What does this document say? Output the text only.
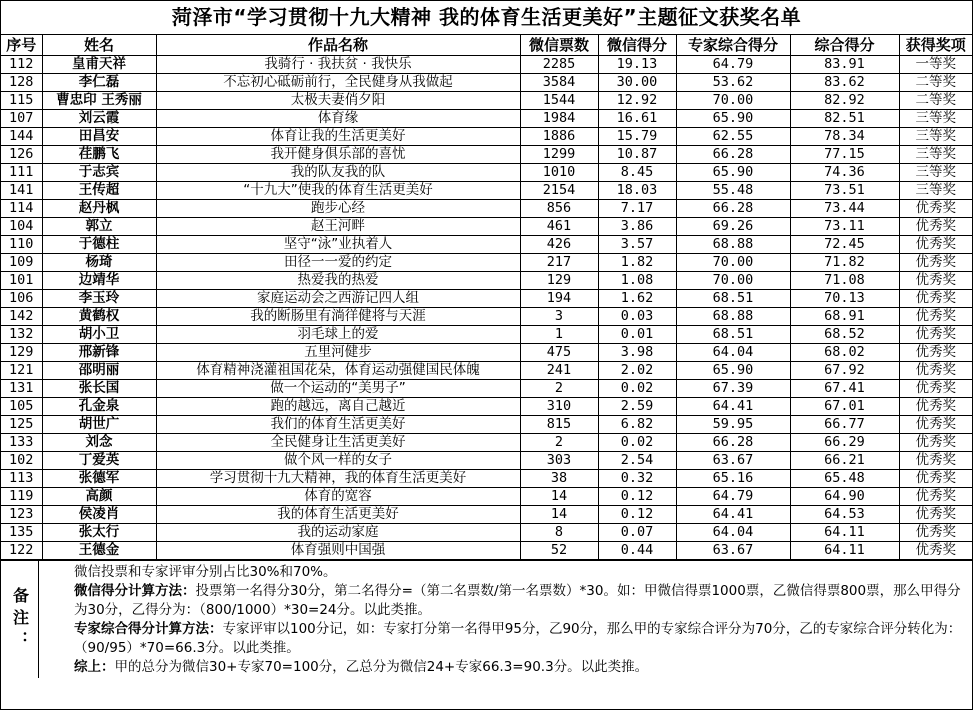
菏泽市“学习贯彻十九大精神 我的体育生活更美好”主题征文获奖名单
序号	姓名	作品名称	微信票数	微信得分	专家综合得分	综合得分	获得奖项
112	皇甫天祥	我骑行 · 我扶贫 · 我快乐	2285	19.13	64.79	83.91	一等奖
128	李仁磊	不忘初心砥砺前行，全民健身从我做起	3584	30.00	53.62	83.62	二等奖
115	曹忠印 王秀丽	太极夫妻俏夕阳	1544	12.92	70.00	82.92	二等奖
107	刘云霞	体育缘	1984	16.61	65.90	82.51	三等奖
144	田昌安	体育让我的生活更美好	1886	15.79	62.55	78.34	三等奖
126	荏鹏飞	我开健身俱乐部的喜忧	1299	10.87	66.28	77.15	三等奖
111	于志宾	我的队友我的队	1010	8.45	65.90	74.36	三等奖
141	王传超	“十九大”使我的体育生活更美好	2154	18.03	55.48	73.51	三等奖
114	赵丹枫	跑步心经	856	7.17	66.28	73.44	优秀奖
104	郭立	赵王河畔	461	3.86	69.26	73.11	优秀奖
110	于德柱	坚守“泳”业执着人	426	3.57	68.88	72.45	优秀奖
109	杨琦	田径一一爱的约定	217	1.82	70.00	71.82	优秀奖
101	边靖华	热爱我的热爱	129	1.08	70.00	71.08	优秀奖
106	李玉玲	家庭运动会之西游记四人组	194	1.62	68.51	70.13	优秀奖
142	黄鹤权	我的断肠里有淌徉健将与天涯	3	0.03	68.88	68.91	优秀奖
132	胡小卫	羽毛球上的爱	1	0.01	68.51	68.52	优秀奖
129	邢新锋	五里河健步	475	3.98	64.04	68.02	优秀奖
121	邵明丽	体育精神浇灌祖国花朵，体育运动强健国民体魄	241	2.02	65.90	67.92	优秀奖
131	张长国	做一个运动的“美男子”	2	0.02	67.39	67.41	优秀奖
105	孔金泉	跑的越远，离自己越近	310	2.59	64.41	67.01	优秀奖
125	胡世广	我们的体育生活更美好	815	6.82	59.95	66.77	优秀奖
133	刘念	全民健身让生活更美好	2	0.02	66.28	66.29	优秀奖
102	丁爱英	做个风一样的女子	303	2.54	63.67	66.21	优秀奖
113	张德军	学习贯彻十九大精神，我的体育生活更美好	38	0.32	65.16	65.48	优秀奖
119	高颜	体育的宽容	14	0.12	64.79	64.90	优秀奖
123	侯凌肖	我的体育生活更美好	14	0.12	64.41	64.53	优秀奖
135	张太行	我的运动家庭	8	0.07	64.04	64.11	优秀奖
122	王德金	体育强则中国强	52	0.44	63.67	64.11	优秀奖
备注：

微信投票和专家评审分别占比30%和70%。

微信得分计算方法：投票第一名得分30分，第二名得分=（第二名票数/第一名票数）*30。如：甲微信得票1000票，乙微信得票800票，那么甲得分为30分，乙得分为：（800/1000）*30=24分。以此类推。

专家综合得分计算方法：专家评审以100分记，如：专家打分第一名得甲95分，乙90分，那么甲的专家综合评分为70分，乙的专家综合评分转化为：（90/95）*70=66.3分。以此类推。

综上：甲的总分为微信30+专家70=100分，乙总分为微信24+专家66.3=90.3分。以此类推。
